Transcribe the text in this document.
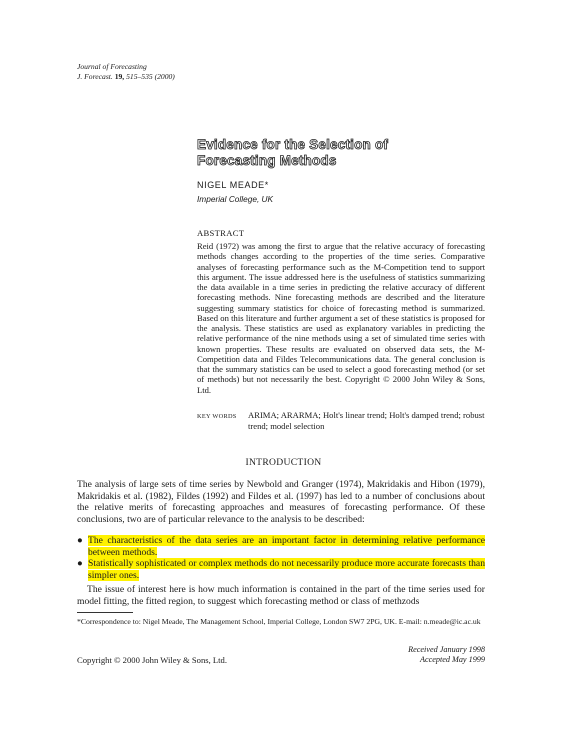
Journal of Forecasting
J. Forecast. 19, 515–535 (2000)
Evidence for the Selection of
Forecasting Methods
NIGEL MEADE*
Imperial College, UK
ABSTRACT
Reid (1972) was among the first to argue that the relative accuracy of forecasting methods changes according to the properties of the time series. Comparative analyses of forecasting performance such as the M-Competition tend to support this argument. The issue addressed here is the usefulness of statistics summarizing the data available in a time series in predicting the relative accuracy of different forecasting methods. Nine forecasting methods are described and the literature suggesting summary statistics for choice of forecasting method is summarized. Based on this literature and further argument a set of these statistics is proposed for the analysis. These statistics are used as explanatory variables in predicting the relative performance of the nine methods using a set of simulated time series with known properties. These results are evaluated on observed data sets, the M-Competition data and Fildes Telecommunications data. The general conclusion is that the summary statistics can be used to select a good forecasting method (or set of methods) but not necessarily the best. Copyright © 2000 John Wiley & Sons, Ltd.
KEY WORDS ARIMA; ARARMA; Holt's linear trend; Holt's damped trend; robust trend; model selection
INTRODUCTION
The analysis of large sets of time series by Newbold and Granger (1974), Makridakis and Hibon (1979), Makridakis et al. (1982), Fildes (1992) and Fildes et al. (1997) has led to a number of conclusions about the relative merits of forecasting approaches and measures of forecasting performance. Of these conclusions, two are of particular relevance to the analysis to be described:
● The characteristics of the data series are an important factor in determining relative performance between methods.
● Statistically sophisticated or complex methods do not necessarily produce more accurate forecasts than simpler ones.
The issue of interest here is how much information is contained in the part of the time series used for model fitting, the fitted region, to suggest which forecasting method or class of methzods
*Correspondence to: Nigel Meade, The Management School, Imperial College, London SW7 2PG, UK. E-mail: n.meade@ic.ac.uk
Received January 1998
Accepted May 1999
Copyright © 2000 John Wiley & Sons, Ltd.
